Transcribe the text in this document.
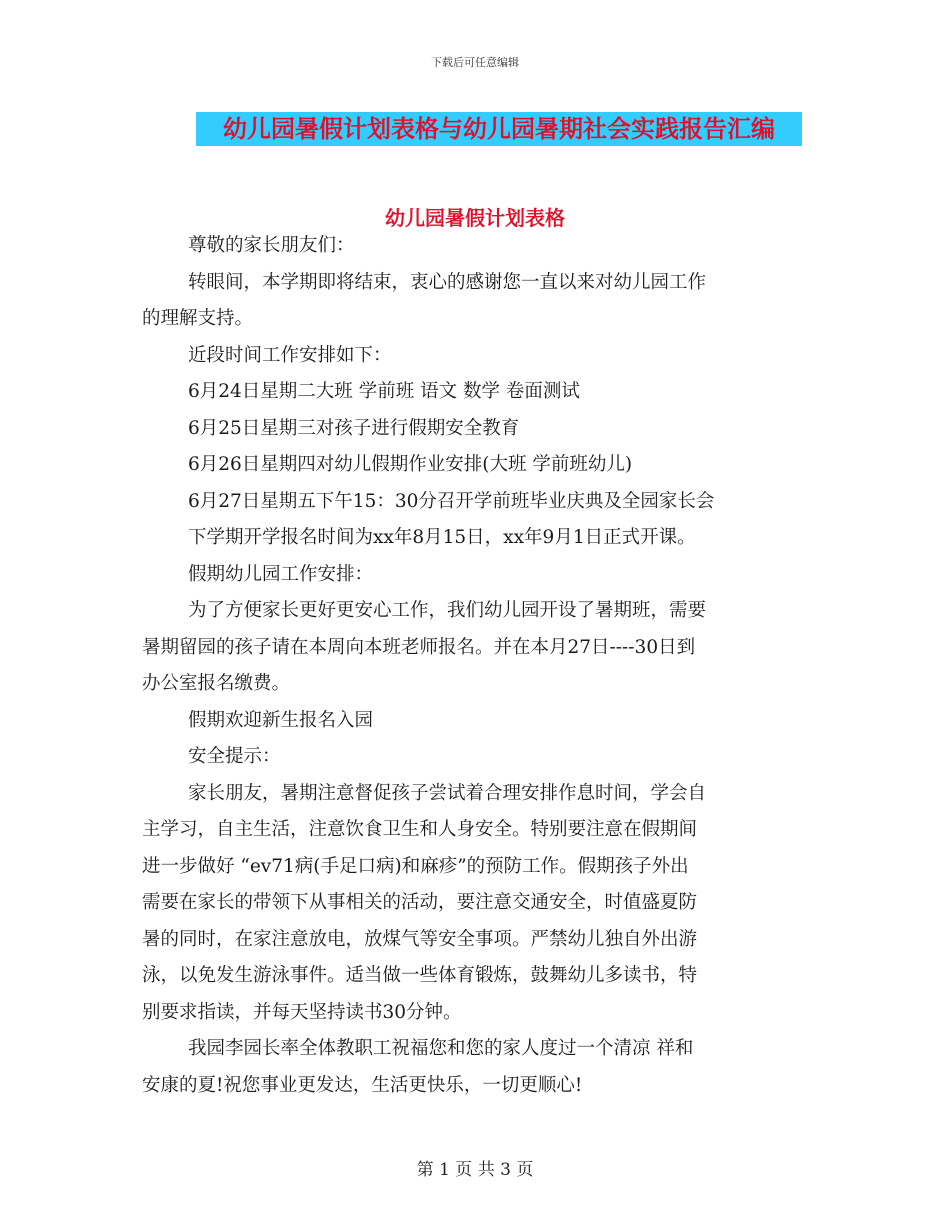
下载后可任意编辑
幼儿园暑假计划表格与幼儿园暑期社会实践报告汇编
幼儿园暑假计划表格

尊敬的家长朋友们：

转眼间，本学期即将结束，衷心的感谢您一直以来对幼儿园工作

的理解支持。

近段时间工作安排如下：

6月24日星期二大班 学前班 语文 数学 卷面测试

6月25日星期三对孩子进行假期安全教育

6月26日星期四对幼儿假期作业安排(大班 学前班幼儿)

6月27日星期五下午15：30分召开学前班毕业庆典及全园家长会

下学期开学报名时间为xx年8月15日，xx年9月1日正式开课。

假期幼儿园工作安排：

为了方便家长更好更安心工作，我们幼儿园开设了暑期班，需要

暑期留园的孩子请在本周向本班老师报名。并在本月27日----30日到

办公室报名缴费。

假期欢迎新生报名入园

安全提示：

家长朋友，暑期注意督促孩子尝试着合理安排作息时间，学会自

主学习，自主生活，注意饮食卫生和人身安全。特别要注意在假期间

进一步做好 “ev71病(手足口病)和麻疹”的预防工作。假期孩子外出

需要在家长的带领下从事相关的活动，要注意交通安全，时值盛夏防

暑的同时，在家注意放电，放煤气等安全事项。严禁幼儿独自外出游

泳，以免发生游泳事件。适当做一些体育锻炼，鼓舞幼儿多读书，特

别要求指读，并每天坚持读书30分钟。

我园李园长率全体教职工祝福您和您的家人度过一个清凉 祥和

安康的夏!祝您事业更发达，生活更快乐，一切更顺心!

第 1 页 共 3 页
